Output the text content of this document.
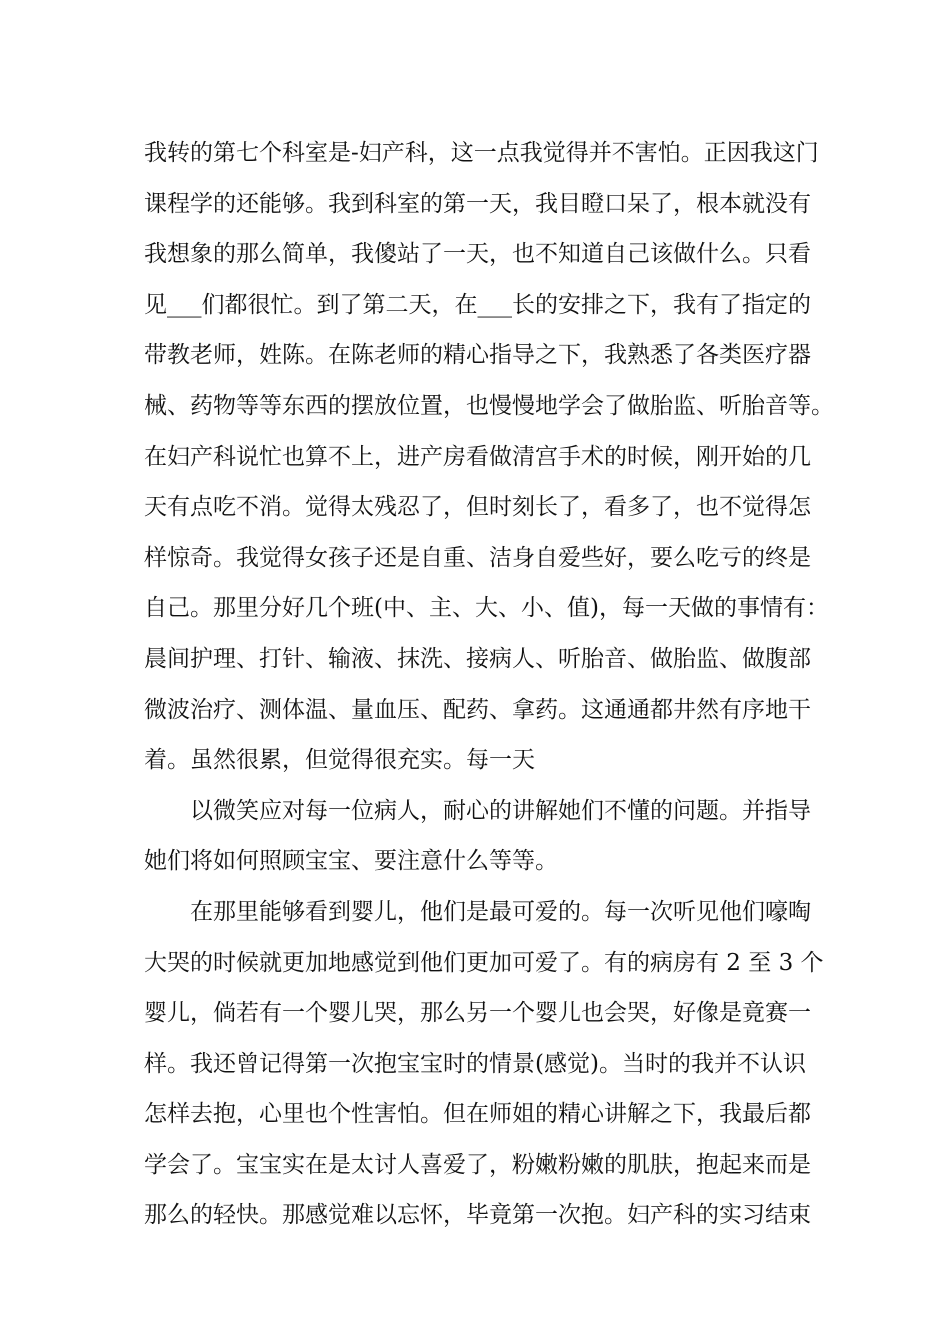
我转的第七个科室是-妇产科，这一点我觉得并不害怕。正因我这门
课程学的还能够。我到科室的第一天，我目瞪口呆了，根本就没有
我想象的那么简单，我傻站了一天，也不知道自己该做什么。只看
见___们都很忙。到了第二天，在___长的安排之下，我有了指定的
带教老师，姓陈。在陈老师的精心指导之下，我熟悉了各类医疗器
械、药物等等东西的摆放位置，也慢慢地学会了做胎监、听胎音等。
在妇产科说忙也算不上，进产房看做清宫手术的时候，刚开始的几
天有点吃不消。觉得太残忍了，但时刻长了，看多了，也不觉得怎
样惊奇。我觉得女孩子还是自重、洁身自爱些好，要么吃亏的终是
自己。那里分好几个班(中、主、大、小、值)，每一天做的事情有：
晨间护理、打针、输液、抹洗、接病人、听胎音、做胎监、做腹部
微波治疗、测体温、量血压、配药、拿药。这通通都井然有序地干
着。虽然很累，但觉得很充实。每一天
以微笑应对每一位病人，耐心的讲解她们不懂的问题。并指导
她们将如何照顾宝宝、要注意什么等等。
在那里能够看到婴儿，他们是最可爱的。每一次听见他们嚎啕
大哭的时候就更加地感觉到他们更加可爱了。有的病房有 2 至 3 个
婴儿，倘若有一个婴儿哭，那么另一个婴儿也会哭，好像是竟赛一
样。我还曾记得第一次抱宝宝时的情景(感觉)。当时的我并不认识
怎样去抱，心里也个性害怕。但在师姐的精心讲解之下，我最后都
学会了。宝宝实在是太讨人喜爱了，粉嫩粉嫩的肌肤，抱起来而是
那么的轻快。那感觉难以忘怀，毕竟第一次抱。妇产科的实习结束
